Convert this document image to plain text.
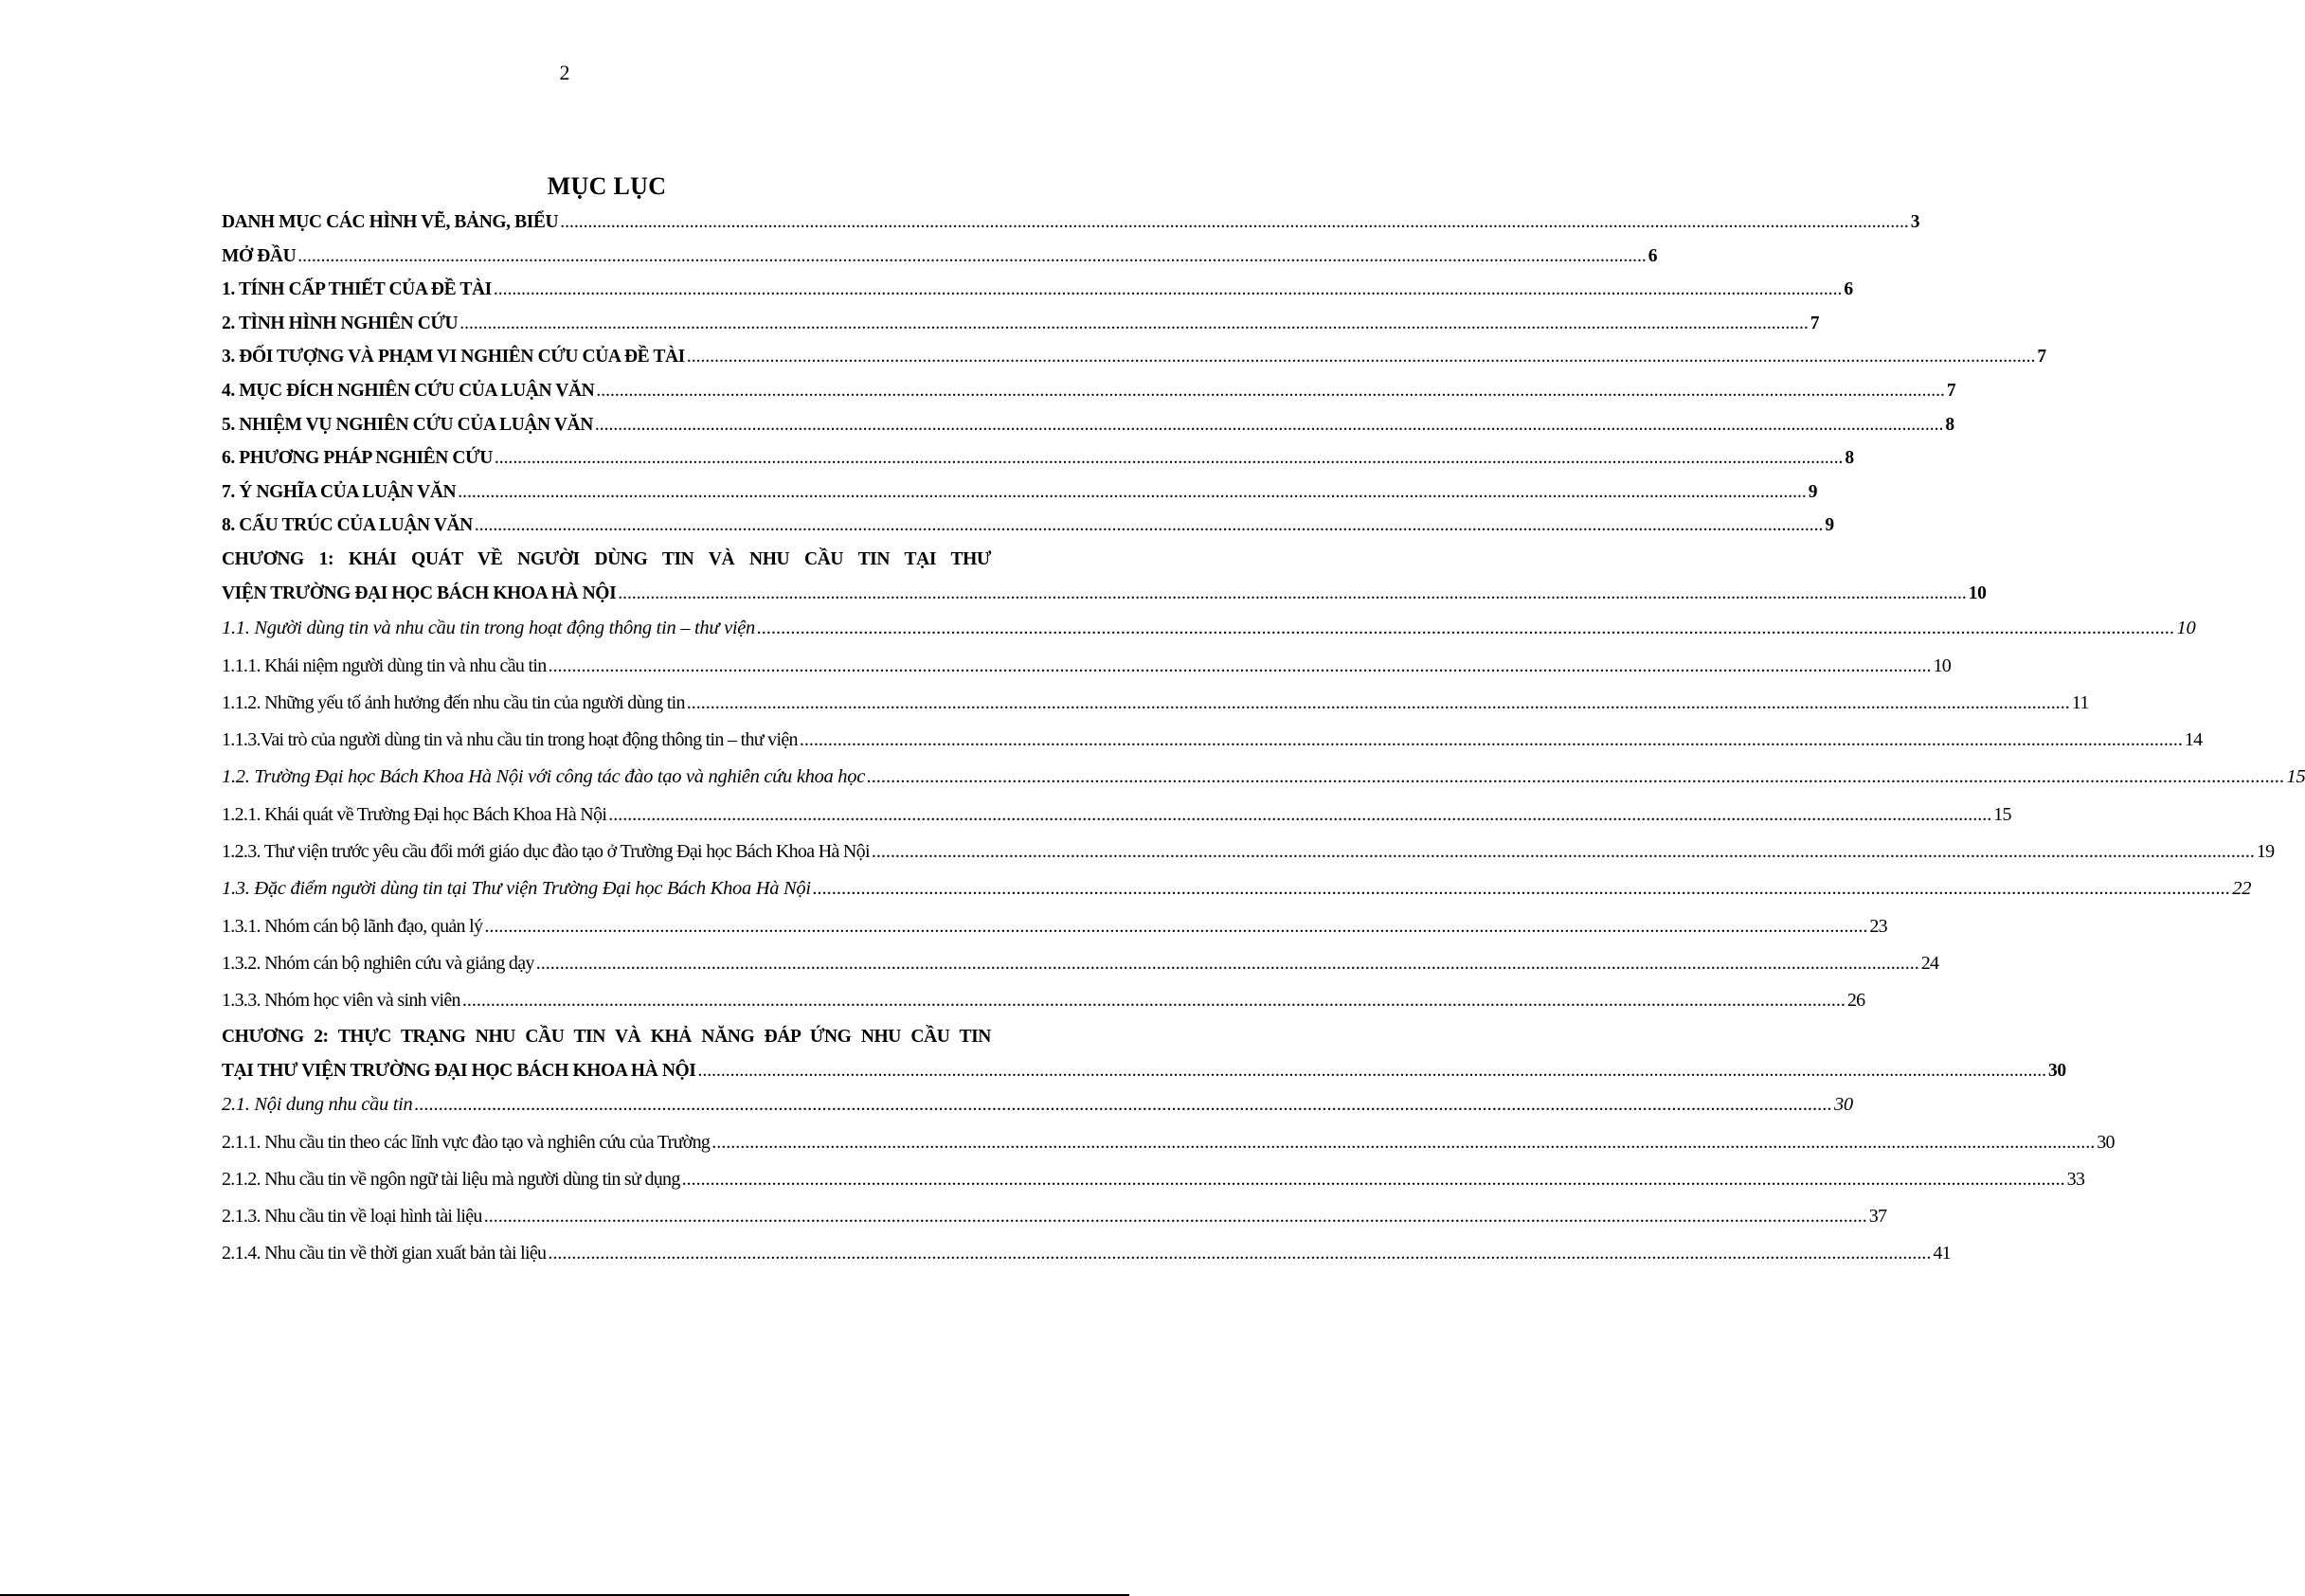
2
MỤC LỤC
DANH MỤC CÁC HÌNH VẼ, BẢNG, BIỂU .....	3
MỞ ĐẦU .....	6
1. TÍNH CẤP THIẾT CỦA ĐỀ TÀI .....	6
2. TÌNH HÌNH NGHIÊN CỨU .....	7
3. ĐỐI TƯỢNG VÀ PHẠM VI NGHIÊN CỨU CỦA ĐỀ TÀI .....	7
4. MỤC ĐÍCH NGHIÊN CỨU CỦA LUẬN VĂN .....	7
5. NHIỆM VỤ NGHIÊN CỨU CỦA LUẬN VĂN .....	8
6. PHƯƠNG PHÁP NGHIÊN CỨU .....	8
7. Ý NGHĨA CỦA LUẬN VĂN .....	9
8. CẤU TRÚC CỦA LUẬN VĂN .....	9
CHƯƠNG 1: KHÁI QUÁT VỀ NGƯỜI DÙNG TIN VÀ NHU CẦU TIN TẠI THƯ
VIỆN TRƯỜNG ĐẠI HỌC BÁCH KHOA HÀ NỘI .....	10
1.1. Người dùng tin và nhu cầu tin trong hoạt động thông tin – thư viện .....	10
1.1.1. Khái niệm người dùng tin và nhu cầu tin .....	10
1.1.2. Những yếu tố ảnh hưởng đến nhu cầu tin của người dùng tin .....	11
1.1.3.Vai trò của người dùng tin và nhu cầu tin trong hoạt động thông tin – thư viện .....	14
1.2. Trường Đại học Bách Khoa Hà Nội với công tác đào tạo và nghiên cứu khoa học .....	15
1.2.1. Khái quát về Trường Đại học Bách Khoa Hà Nội .....	15
1.2.3. Thư viện trước yêu cầu đổi mới giáo dục đào tạo ở Trường Đại học Bách Khoa Hà Nội .....	19
1.3. Đặc điểm người dùng tin tại Thư viện Trường Đại học Bách Khoa Hà Nội .....	22
1.3.1. Nhóm cán bộ lãnh đạo, quản lý .....	23
1.3.2. Nhóm cán bộ nghiên cứu và giảng dạy .....	24
1.3.3. Nhóm học viên và sinh viên .....	26
CHƯƠNG 2: THỰC TRẠNG NHU CẦU TIN VÀ KHẢ NĂNG ĐÁP ỨNG NHU CẦU TIN
TẠI THƯ VIỆN TRƯỜNG ĐẠI HỌC BÁCH KHOA HÀ NỘI .....	30
2.1. Nội dung nhu cầu tin .....	30
2.1.1. Nhu cầu tin theo các lĩnh vực đào tạo và nghiên cứu của Trường .....	30
2.1.2. Nhu cầu tin về ngôn ngữ tài liệu mà người dùng tin sử dụng .....	33
2.1.3. Nhu cầu tin về loại hình tài liệu .....	37
2.1.4. Nhu cầu tin về thời gian xuất bản tài liệu .....	41
